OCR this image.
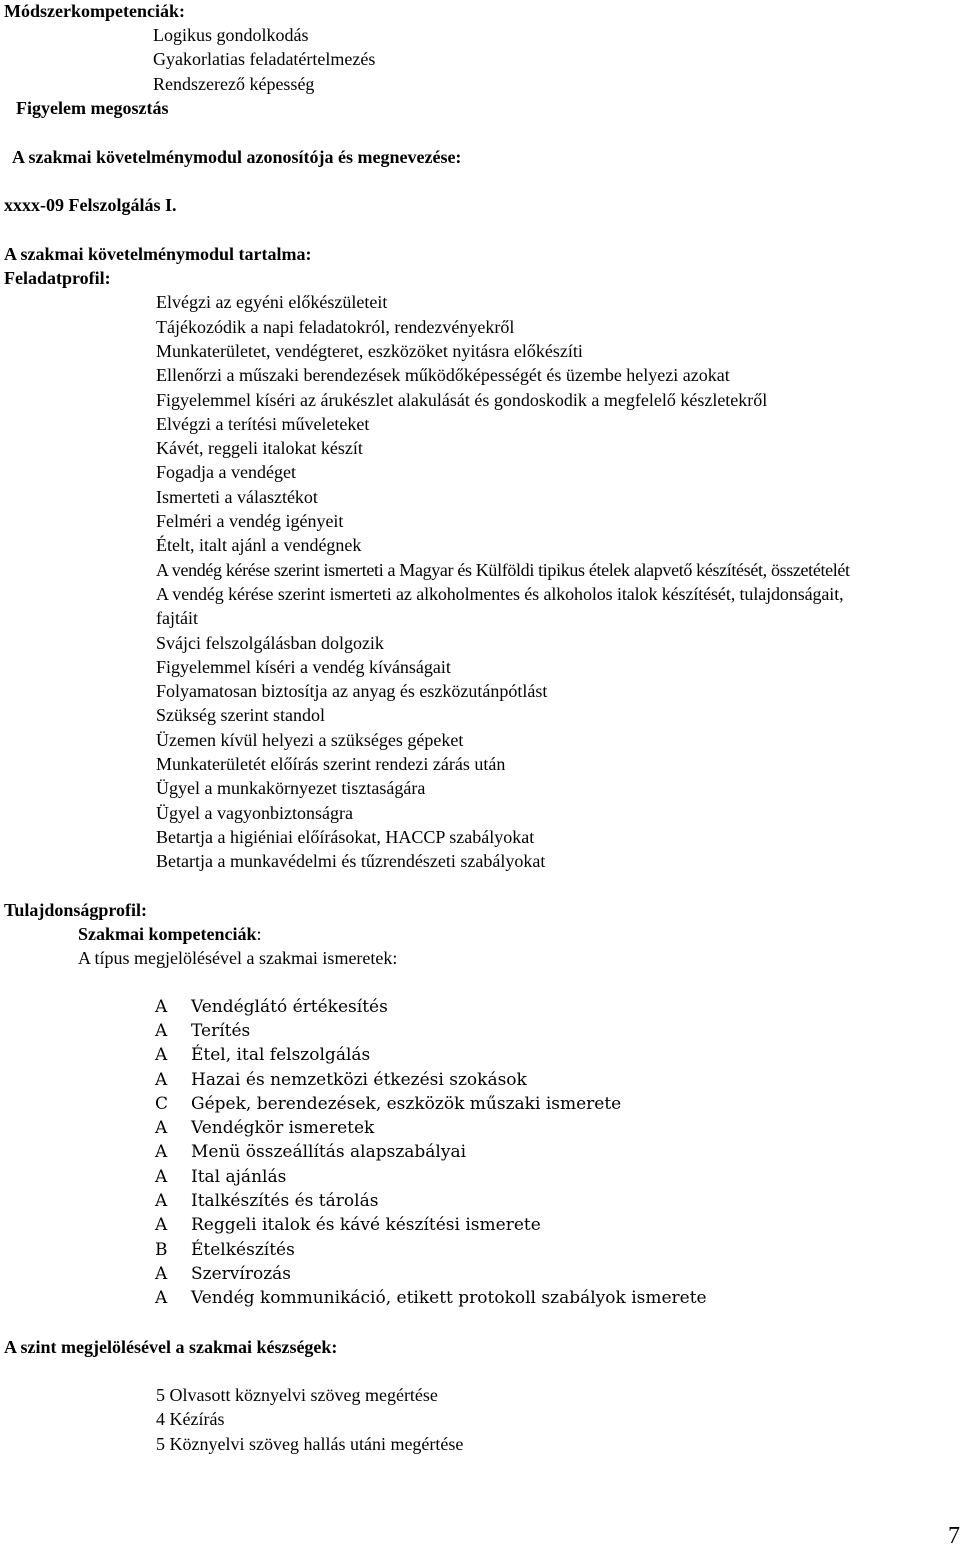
Módszerkompetenciák:
Logikus gondolkodás
Gyakorlatias feladatértelmezés
Rendszerező képesség
Figyelem megosztás
A szakmai követelménymodul azonosítója és megnevezése:
xxxx-09 Felszolgálás I.
A szakmai követelménymodul tartalma:
Feladatprofil:
Elvégzi az egyéni előkészületeit
Tájékozódik a napi feladatokról, rendezvényekről
Munkaterületet, vendégteret, eszközöket nyitásra előkészíti
Ellenőrzi a műszaki berendezések működőképességét és üzembe helyezi azokat
Figyelemmel kíséri az árukészlet alakulását és gondoskodik a megfelelő készletekről
Elvégzi a terítési műveleteket
Kávét, reggeli italokat készít
Fogadja a vendéget
Ismerteti a választékot
Felméri a vendég igényeit
Ételt, italt ajánl a vendégnek
A vendég kérése szerint ismerteti a Magyar és Külföldi tipikus ételek alapvető készítését, összetételét
A vendég kérése szerint ismerteti az alkoholmentes és alkoholos italok készítését, tulajdonságait,
fajtáit
Svájci felszolgálásban dolgozik
Figyelemmel kíséri a vendég kívánságait
Folyamatosan biztosítja az anyag és eszközutánpótlást
Szükség szerint standol
Üzemen kívül helyezi a szükséges gépeket
Munkaterületét előírás szerint rendezi zárás után
Ügyel a munkakörnyezet tisztaságára
Ügyel a vagyonbiztonságra
Betartja a higiéniai előírásokat, HACCP szabályokat
Betartja a munkavédelmi és tűzrendészeti szabályokat
Tulajdonságprofil:
Szakmai kompetenciák:
A típus megjelölésével a szakmai ismeretek:
A Vendéglátó értékesítés
A Terítés
A Étel, ital felszolgálás
A Hazai és nemzetközi étkezési szokások
C Gépek, berendezések, eszközök műszaki ismerete
A Vendégkör ismeretek
A Menü összeállítás alapszabályai
A Ital ajánlás
A Italkészítés és tárolás
A Reggeli italok és kávé készítési ismerete
B Ételkészítés
A Szervírozás
A Vendég kommunikáció, etikett protokoll szabályok ismerete
A szint megjelölésével a szakmai készségek:
5 Olvasott köznyelvi szöveg megértése
4 Kézírás
5 Köznyelvi szöveg hallás utáni megértése
7
